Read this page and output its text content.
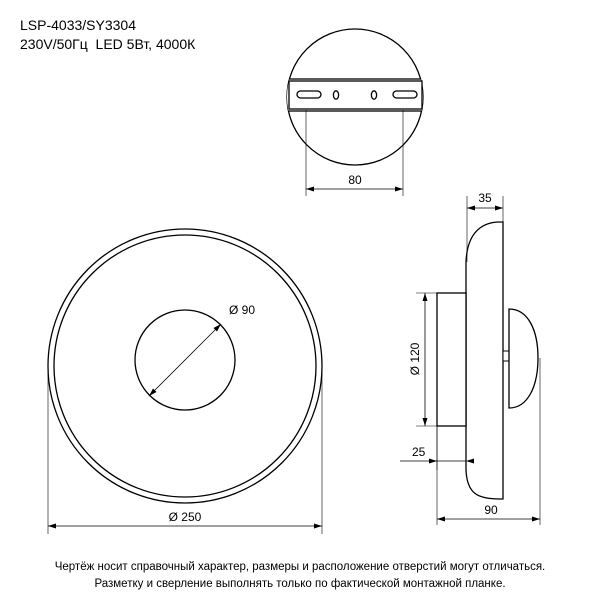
LSP-4033/SY3304
230V/50Гц  LED 5Вт, 4000К
80
Ø 90
Ø 250
35
Ø 120
25
90
Чертёж носит справочный характер, размеры и расположение отверстий могут отличаться.
Разметку и сверление выполнять только по фактической монтажной планке.
